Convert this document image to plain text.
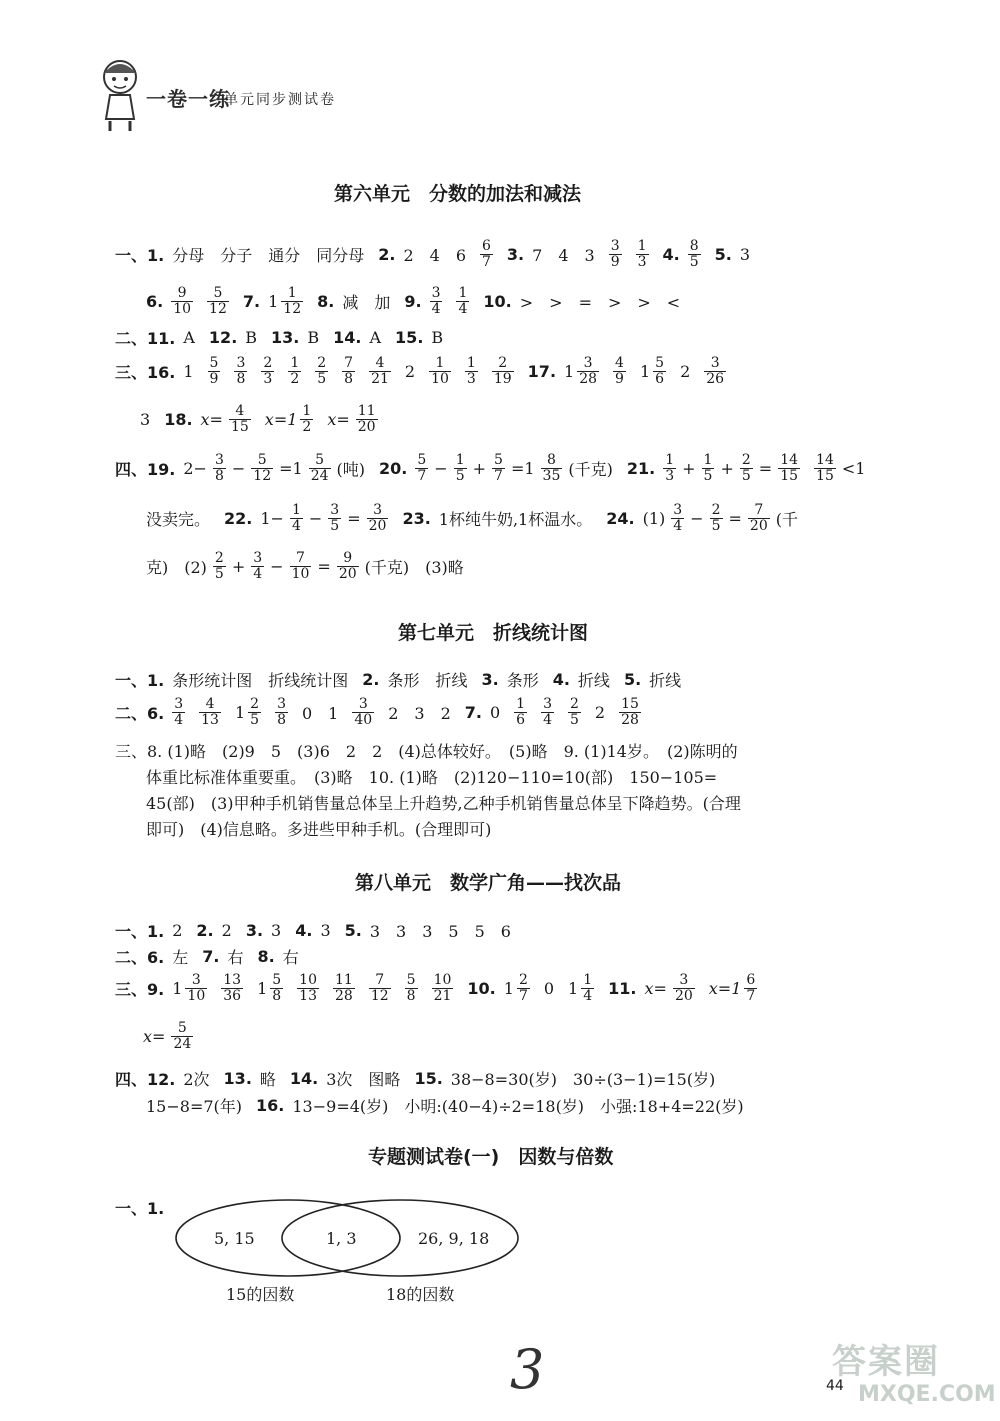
一卷一练
单元同步测试卷
第六单元　分数的加法和减法
一、1. 分母　分子　通分　同分母 2. 2　4　$6 \frac{6}{7} 3$. 7　4　$3 \frac{3}{9} \frac{1}{3} 4$. $\frac{8}{5} 5$. 3
6. $\frac{9}{10} \frac{5}{12} 7$. $1 \frac{1}{12} 8$. 减　加 9. $\frac{3}{4} \frac{1}{4} 10$. >　>　=　>　>　<
二、11. A 12. B 13. B 14. A 15. B
三、16. $1 \frac{5}{9} \frac{3}{8} \frac{2}{3} \frac{1}{2} \frac{2}{5} \frac{7}{8} \frac{4}{21} 2 \frac{1}{10} \frac{1}{3} \frac{2}{19} 17$. $1 \frac{3}{28} \frac{4}{9} 1 \frac{5}{6} 2 \frac{3}{26}$
3 18. $x= \frac{4}{15} x=1 \frac{1}{2} x= \frac{11}{20}$
四、19. $2- \frac{3}{8} - \frac{5}{12} =1 \frac{5}{24}$ (吨) 20. $\frac{5}{7} - \frac{1}{5} + \frac{5}{7} =1 \frac{8}{35}$ (千克) 21. $\frac{1}{3} + \frac{1}{5} + \frac{2}{5} = \frac{14}{15} \frac{14}{15} <1$
没卖完。 22. $1- \frac{1}{4} - \frac{3}{5} = \frac{3}{20} 23$. 1杯纯牛奶,1杯温水。 24. $(1) \frac{3}{4} - \frac{2}{5} = \frac{7}{20}$ (千
克)　$(2) \frac{2}{5} + \frac{3}{4} - \frac{7}{10} = \frac{9}{20}$ (千克)　(3)略
第七单元　折线统计图
一、1. 条形统计图　折线统计图 2. 条形　折线 3. 条形 4. 折线 5. 折线
二、6. $\frac{3}{4} \frac{4}{13} 1 \frac{2}{5} \frac{3}{8} 0$　$1 \frac{3}{40} 2$　3　2 7. $0 \frac{1}{6} \frac{3}{4} \frac{2}{5} 2 \frac{15}{28}$
三、8. (1)略　(2)9　5　(3)6　2　2　(4)总体较好。　(5)略　9. (1)14岁。　(2)陈明的
体重比标准体重要重。　(3)略　10. (1)略　(2)120−110=10(部)　150−105=
45(部)　(3)甲种手机销售量总体呈上升趋势,乙种手机销售量总体呈下降趋势。(合理
即可)　(4)信息略。多进些甲种手机。(合理即可)
第八单元　数学广角——找次品
一、1. 2 2. 2 3. 3 4. 3 5. 3　3　3　5　5　6
二、6. 左 7. 右 8. 右
三、9. $1 \frac{3}{10} \frac{13}{36} 1 \frac{5}{8} \frac{10}{13} \frac{11}{28} \frac{7}{12} \frac{5}{8} \frac{10}{21} 10$. $1 \frac{2}{7} 0$ $1 \frac{1}{4} 11$. $x= \frac{3}{20} x=1 \frac{6}{7}$
$x= \frac{5}{24}$
四、12. 2次 13. 略 14. 3次　图略 15. 38−8=30(岁)　30÷(3−1)=15(岁)
15−8=7(年) 16. 13−9=4(岁)　小明:(40−4)÷2=18(岁)　小强:18+4=22(岁)
专题测试卷(一)　因数与倍数
一、1.
5, 15	1, 3	26, 9, 18
15的因数	18的因数
3	44
答案圈
MXQE.COM
